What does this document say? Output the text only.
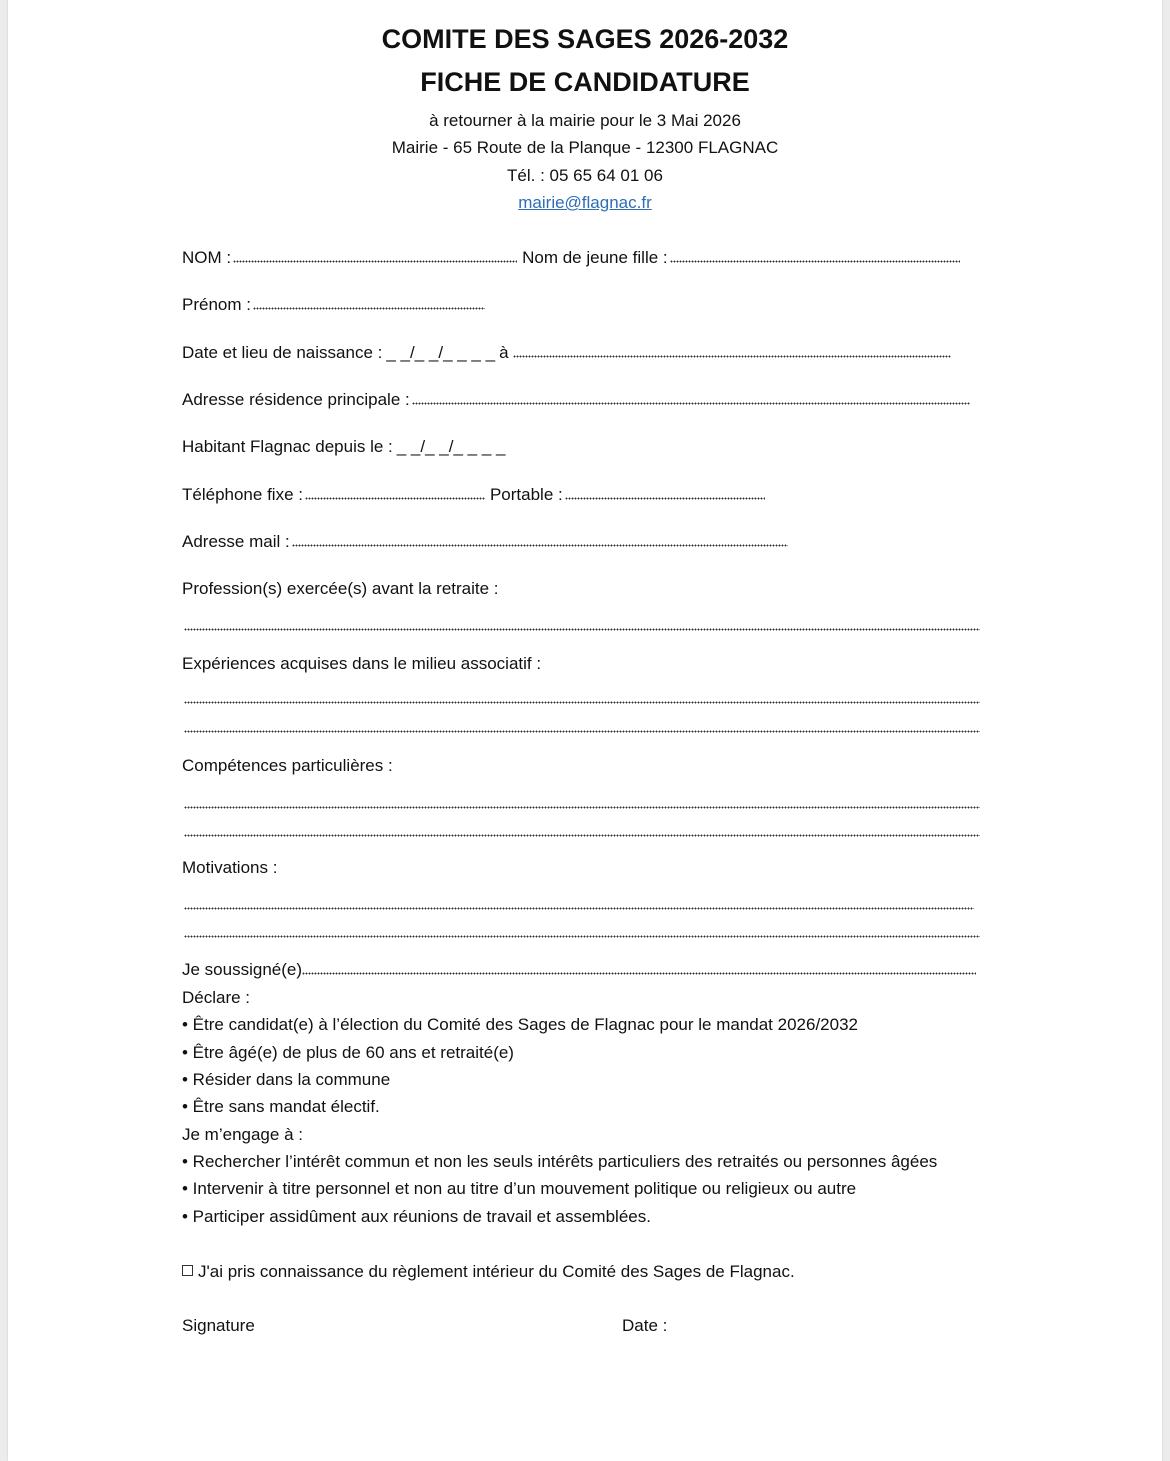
COMITE DES SAGES 2026-2032
FICHE DE CANDIDATURE
à retourner à la mairie pour le 3 Mai 2026
Mairie - 65 Route de la Planque - 12300 FLAGNAC
Tél. : 05 65 64 01 06
mairie@flagnac.fr
NOM :	Nom de jeune fille :
Prénom :
Date et lieu de naissance : _ _/_ _/_ _ _ _ à
Adresse résidence principale :
Habitant Flagnac depuis le : _ _/_ _/_ _ _ _
Téléphone fixe :	Portable :
Adresse mail :
Profession(s) exercée(s) avant la retraite :
Expériences acquises dans le milieu associatif :
Compétences particulières :
Motivations :
Je soussigné(e)
Déclare :
• Être candidat(e) à l’élection du Comité des Sages de Flagnac pour le mandat 2026/2032
• Être âgé(e) de plus de 60 ans et retraité(e)
• Résider dans la commune
• Être sans mandat électif.
Je m’engage à :
• Rechercher l’intérêt commun et non les seuls intérêts particuliers des retraités ou personnes âgées
• Intervenir à titre personnel et non au titre d’un mouvement politique ou religieux ou autre
• Participer assidûment aux réunions de travail et assemblées.
J'ai pris connaissance du règlement intérieur du Comité des Sages de Flagnac.
Signature	Date :
